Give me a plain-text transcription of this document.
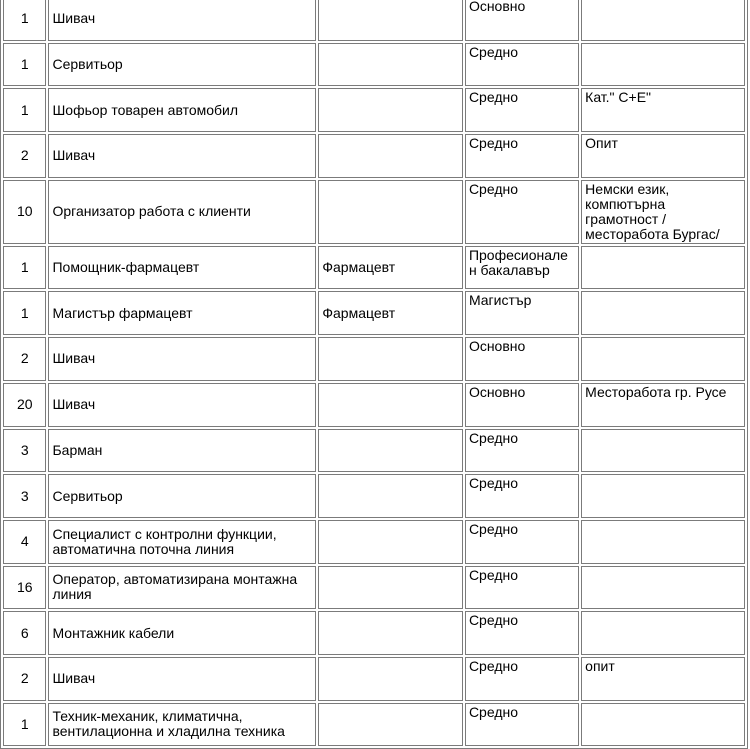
1	Шивач		Основно	
1	Сервитьор		Средно	
1	Шофьор товарен автомобил		Средно	Кат." С+Е"
2	Шивач		Средно	Опит
10	Организатор работа с клиенти		Средно	Немски език, компютърна грамотност /месторабота Бургас/
1	Помощник-фармацевт	Фармацевт	Професионален бакалавър	
1	Магистър фармацевт	Фармацевт	Магистър	
2	Шивач		Основно	
20	Шивач		Основно	Месторабота гр. Русе
3	Барман		Средно	
3	Сервитьор		Средно	
4	Специалист с контролни функции, автоматична поточна линия		Средно	
16	Оператор, автоматизирана монтажна линия		Средно	
6	Монтажник кабели		Средно	
2	Шивач		Средно	опит
1	Техник-механик, климатична, вентилационна и хладилна техника		Средно	
